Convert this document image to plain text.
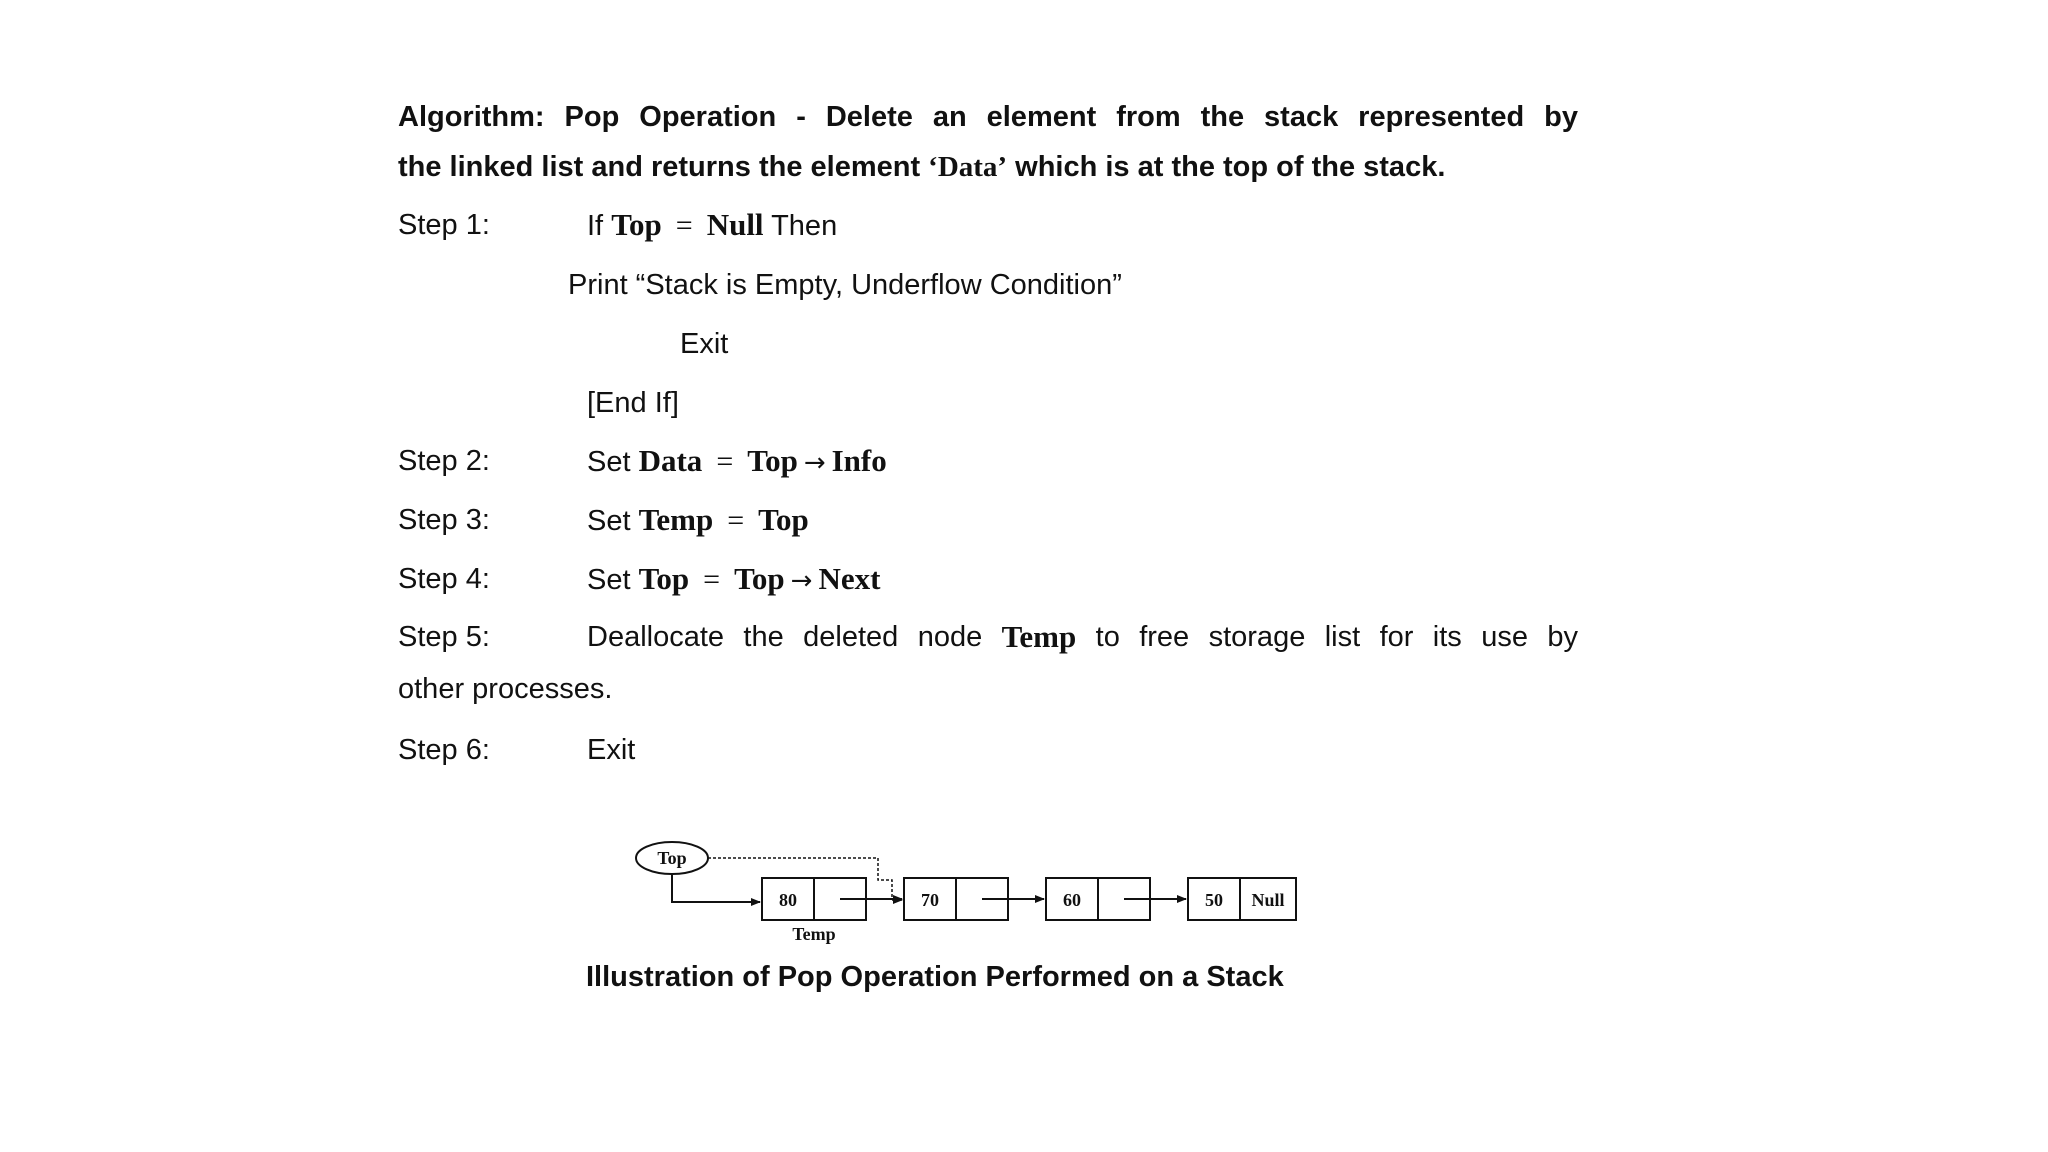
Algorithm: Pop Operation - Delete an element from the stack represented by
the linked list and returns the element ‘Data’ which is at the top of the stack.
Step 1:	If Top = Null Then
Print “Stack is Empty, Underflow Condition”
Exit
[End If]
Step 2:	Set Data = Top → Info
Step 3:	Set Temp = Top
Step 4:	Set Top = Top → Next
Step 5:	Deallocate the deleted node Temp to free storage list for its use by
other processes.
Step 6:	Exit
Top
80
Temp
70	60	50 Null
Illustration of Pop Operation Performed on a Stack
